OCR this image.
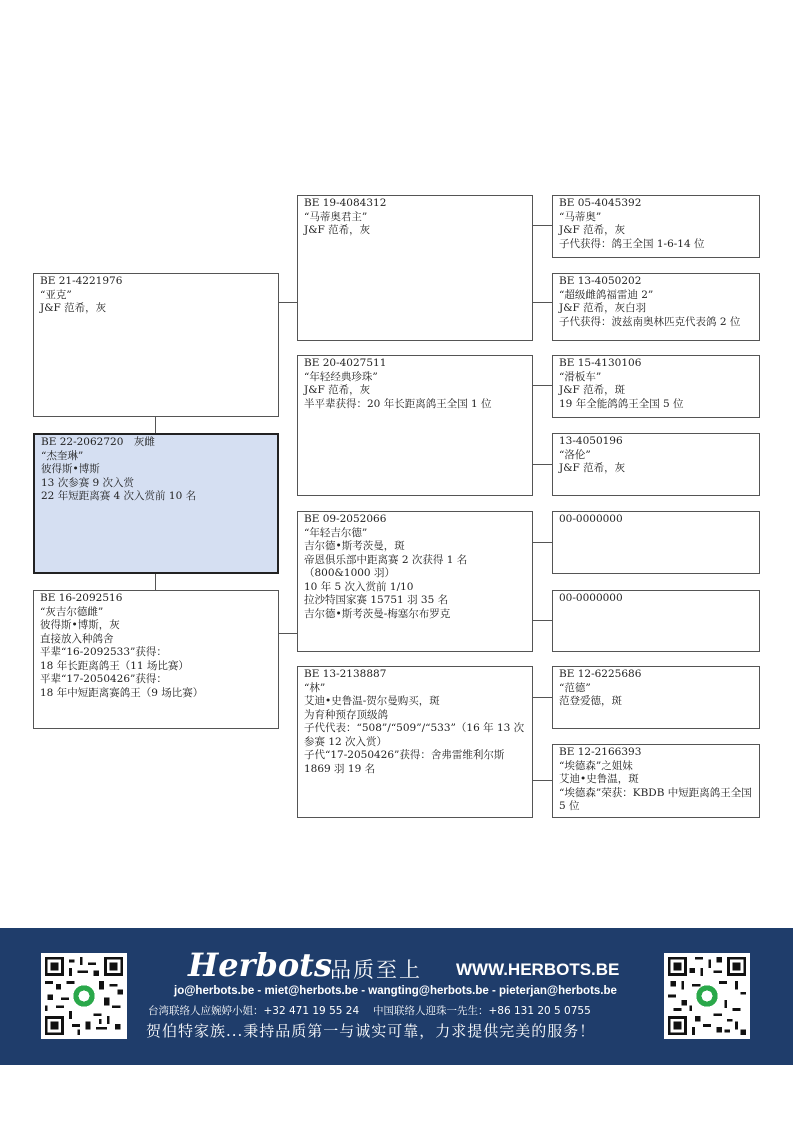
BE 21-4221976
“亚克”
J&F 范希，灰
BE 22-2062720　灰雌
“杰奎琳”
彼得斯•博斯
13 次参赛 9 次入赏
22 年短距离赛 4 次入赏前 10 名
BE 16-2092516
“灰吉尔德雌”
彼得斯•博斯，灰
直接放入种鸽舍
平辈“16-2092533”获得：
18 年长距离鸽王（11 场比赛）
平辈“17-2050426”获得：
18 年中短距离赛鸽王（9 场比赛）
BE 19-4084312
“马蒂奥君主”
J&F 范希，灰
BE 20-4027511
“年轻经典珍珠”
J&F 范希，灰
半平辈获得：20 年长距离鸽王全国 1 位
BE 09-2052066
“年轻吉尔德”
吉尔德•斯考茨曼，斑
帝恩俱乐部中距离赛 2 次获得 1 名（800&1000 羽）
10 年 5 次入赏前 1/10
拉沙特国家赛 15751 羽 35 名
吉尔德•斯考茨曼-梅塞尔布罗克
BE 13-2138887
“林”
艾迪•史鲁温-贺尔曼购买，斑
为育种预存顶级鸽
子代代表：“508”/“509”/“533”（16 年 13 次参赛 12 次入赏）
子代“17-2050426”获得：舍弗雷维利尔斯 1869 羽 19 名
BE 05-4045392
“马蒂奥”
J&F 范希，灰
子代获得：鸽王全国 1-6-14 位
BE 13-4050202
“超级雌鸽福雷迪 2”
J&F 范希，灰白羽
子代获得：波兹南奥林匹克代表鸽 2 位
BE 15-4130106
“滑板车”
J&F 范希，斑
19 年全能鸽鸽王全国 5 位
13-4050196
“洛伦”
J&F 范希，灰
00-0000000
00-0000000
BE 12-6225686
“范德”
范登爱德，斑
BE 12-2166393
“埃德森”之姐妹
艾迪•史鲁温，斑
“埃德森”荣获：KBDB 中短距离鸽王全国 5 位
Herbots
品质至上 WWW.HERBOTS.BE
jo@herbots.be - miet@herbots.be - wangting@herbots.be - pieterjan@herbots.be
台湾联络人应婉婷小姐：+32 471 19 55 24　 中国联络人迎珠一先生：+86 131 20 5 0755
贺伯特家族...秉持品质第一与诚实可靠，力求提供完美的服务！
